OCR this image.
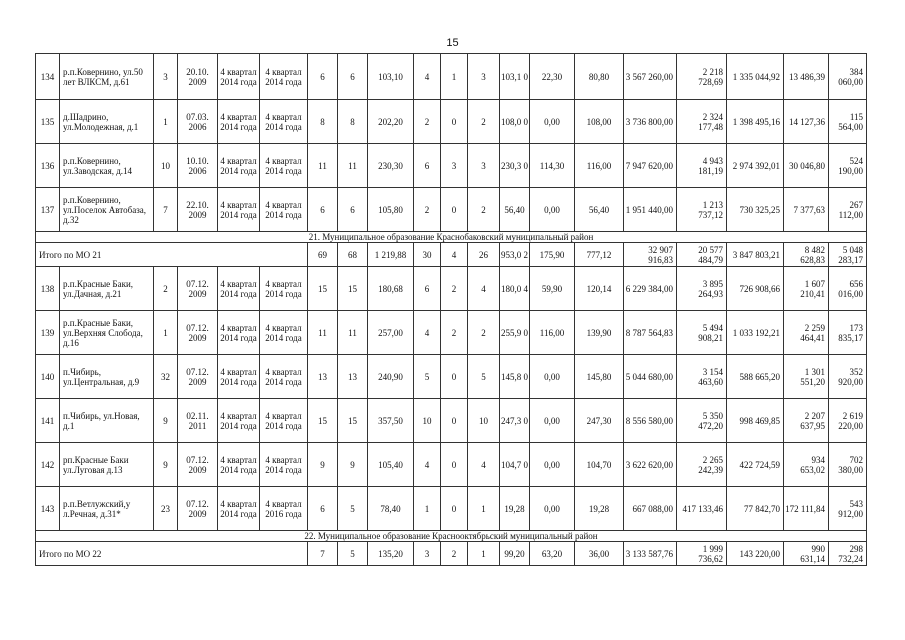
15
134	р.п.Ковернино, ул.50 лет ВЛКСМ, д.61	3	20.10. 2009	4 квартал 2014 года	4 квартал 2014 года	6	6	103,10	4	1	3	103,1 0	22,30	80,80	3 567 260,00	2 218 728,69	1 335 044,92	13 486,39	384 060,00
135	д.Шадрино, ул.Молодежная, д.1	1	07.03. 2006	4 квартал 2014 года	4 квартал 2014 года	8	8	202,20	2	0	2	108,0 0	0,00	108,00	3 736 800,00	2 324 177,48	1 398 495,16	14 127,36	115 564,00
136	р.п.Ковернино, ул.Заводская, д.14	10	10.10. 2006	4 квартал 2014 года	4 квартал 2014 года	11	11	230,30	6	3	3	230,3 0	114,30	116,00	7 947 620,00	4 943 181,19	2 974 392,01	30 046,80	524 190,00
137	р.п.Ковернино, ул.Поселок Автобаза, д.32	7	22.10. 2009	4 квартал 2014 года	4 квартал 2014 года	6	6	105,80	2	0	2	56,40	0,00	56,40	1 951 440,00	1 213 737,12	730 325,25	7 377,63	267 112,00
21. Муниципальное образование Краснобаковский муниципальный район																			
Итого по МО 21						69	68	1 219,88	30	4	26	953,0 2	175,90	777,12	32 907 916,83	20 577 484,79	3 847 803,21	8 482 628,83	5 048 283,17
138	р.п.Красные Баки, ул.Дачная, д.21	2	07.12. 2009	4 квартал 2014 года	4 квартал 2014 года	15	15	180,68	6	2	4	180,0 4	59,90	120,14	6 229 384,00	3 895 264,93	726 908,66	1 607 210,41	656 016,00
139	р.п.Красные Баки, ул.Верхняя Слобода, д.16	1	07.12. 2009	4 квартал 2014 года	4 квартал 2014 года	11	11	257,00	4	2	2	255,9 0	116,00	139,90	8 787 564,83	5 494 908,21	1 033 192,21	2 259 464,41	173 835,17
140	п.Чибирь, ул.Центральная, д.9	32	07.12. 2009	4 квартал 2014 года	4 квартал 2014 года	13	13	240,90	5	0	5	145,8 0	0,00	145,80	5 044 680,00	3 154 463,60	588 665,20	1 301 551,20	352 920,00
141	п.Чибирь, ул.Новая, д.1	9	02.11. 2011	4 квартал 2014 года	4 квартал 2014 года	15	15	357,50	10	0	10	247,3 0	0,00	247,30	8 556 580,00	5 350 472,20	998 469,85	2 207 637,95	2 619 220,00
142	рп.Красные Баки ул.Луговая д.13	9	07.12. 2009	4 квартал 2014 года	4 квартал 2014 года	9	9	105,40	4	0	4	104,7 0	0,00	104,70	3 622 620,00	2 265 242,39	422 724,59	934 653,02	702 380,00
143	р.п.Ветлужский,у л.Речная, д.31*	23	07.12. 2009	4 квартал 2014 года	4 квартал 2016 года	6	5	78,40	1	0	1	19,28	0,00	19,28	667 088,00	417 133,46	77 842,70	172 111,84	543 912,00
22. Муниципальное образование Краснооктябрьский муниципальный район																			
Итого по МО 22						7	5	135,20	3	2	1	99,20	63,20	36,00	3 133 587,76	1 999 736,62	143 220,00	990 631,14	298 732,24
